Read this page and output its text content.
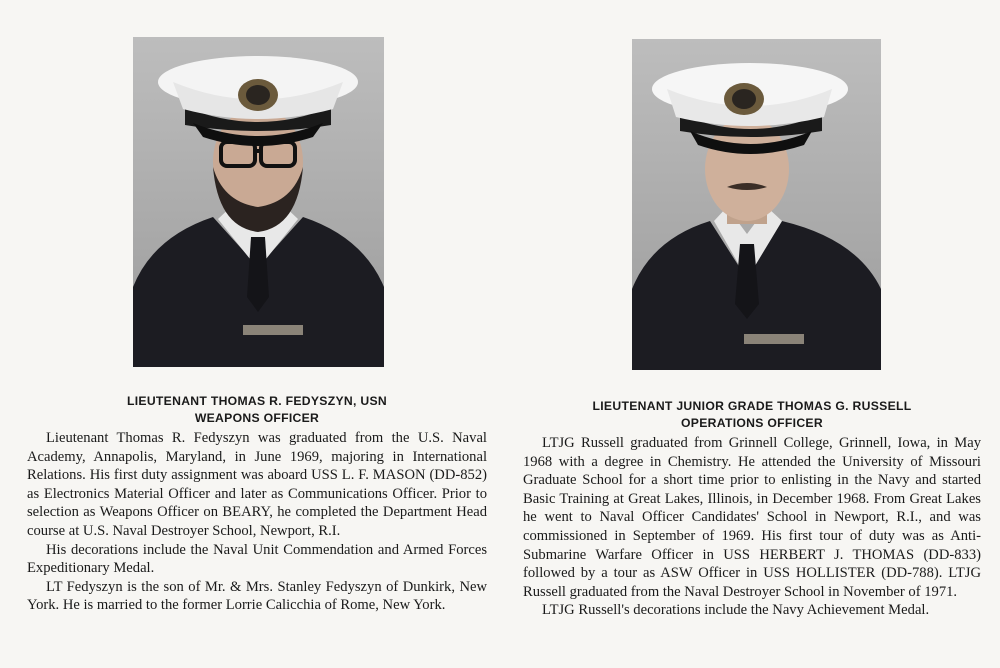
LIEUTENANT THOMAS R. FEDYSZYN, USN
WEAPONS OFFICER

Lieutenant Thomas R. Fedyszyn was graduated from the U.S. Naval Academy, Annapolis, Maryland, in June 1969, majoring in International Relations. His first duty assignment was aboard USS L. F. MASON (DD-852) as Electronics Material Officer and later as Communications Officer. Prior to selection as Weapons Officer on BEARY, he completed the Department Head course at U.S. Naval Destroyer School, Newport, R.I.

His decorations include the Naval Unit Commendation and Armed Forces Expeditionary Medal.

LT Fedyszyn is the son of Mr. & Mrs. Stanley Fedyszyn of Dunkirk, New York. He is married to the former Lorrie Calicchia of Rome, New York.

LIEUTENANT JUNIOR GRADE THOMAS G. RUSSELL
OPERATIONS OFFICER

LTJG Russell graduated from Grinnell College, Grinnell, Iowa, in May 1968 with a degree in Chemistry. He attended the University of Missouri Graduate School for a short time prior to enlisting in the Navy and started Basic Training at Great Lakes, Illinois, in December 1968. From Great Lakes he went to Naval Officer Candidates' School in Newport, R.I., and was commissioned in September of 1969. His first tour of duty was as Anti-Submarine Warfare Officer in USS HERBERT J. THOMAS (DD-833) followed by a tour as ASW Officer in USS HOLLISTER (DD-788). LTJG Russell graduated from the Naval Destroyer School in November of 1971.

LTJG Russell's decorations include the Navy Achievement Medal.
